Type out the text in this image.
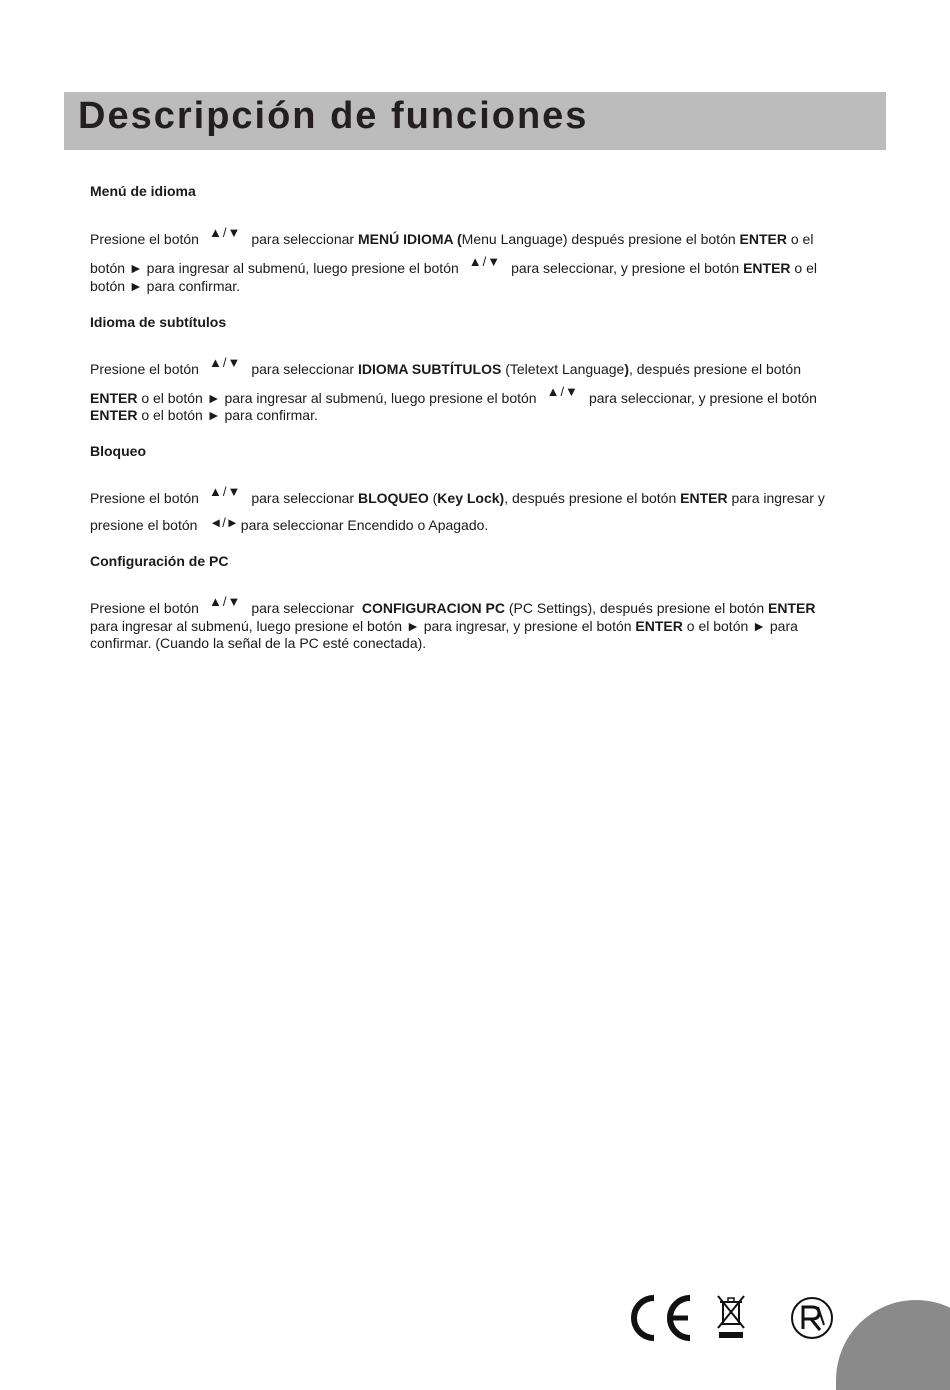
Descripción de funciones
Menú de idioma
Presione el botón ▲/▼ para seleccionar MENÚ IDIOMA (Menu Language) después presione el botón ENTER o el
botón ► para ingresar al submenú, luego presione el botón ▲/▼ para seleccionar, y presione el botón ENTER o el
botón ► para confirmar.
Idioma de subtítulos
Presione el botón ▲/▼ para seleccionar IDIOMA SUBTÍTULOS (Teletext Language), después presione el botón
ENTER o el botón ► para ingresar al submenú, luego presione el botón ▲/▼ para seleccionar, y presione el botón
ENTER o el botón ► para confirmar.
Bloqueo
Presione el botón ▲/▼ para seleccionar BLOQUEO (Key Lock), después presione el botón ENTER para ingresar y
presione el botón ◄/► para seleccionar Encendido o Apagado.
Configuración de PC
Presione el botón ▲/▼ para seleccionar CONFIGURACION PC (PC Settings), después presione el botón ENTER
para ingresar al submenú, luego presione el botón ► para ingresar, y presione el botón ENTER o el botón ► para
confirmar. (Cuando la señal de la PC esté conectada).
